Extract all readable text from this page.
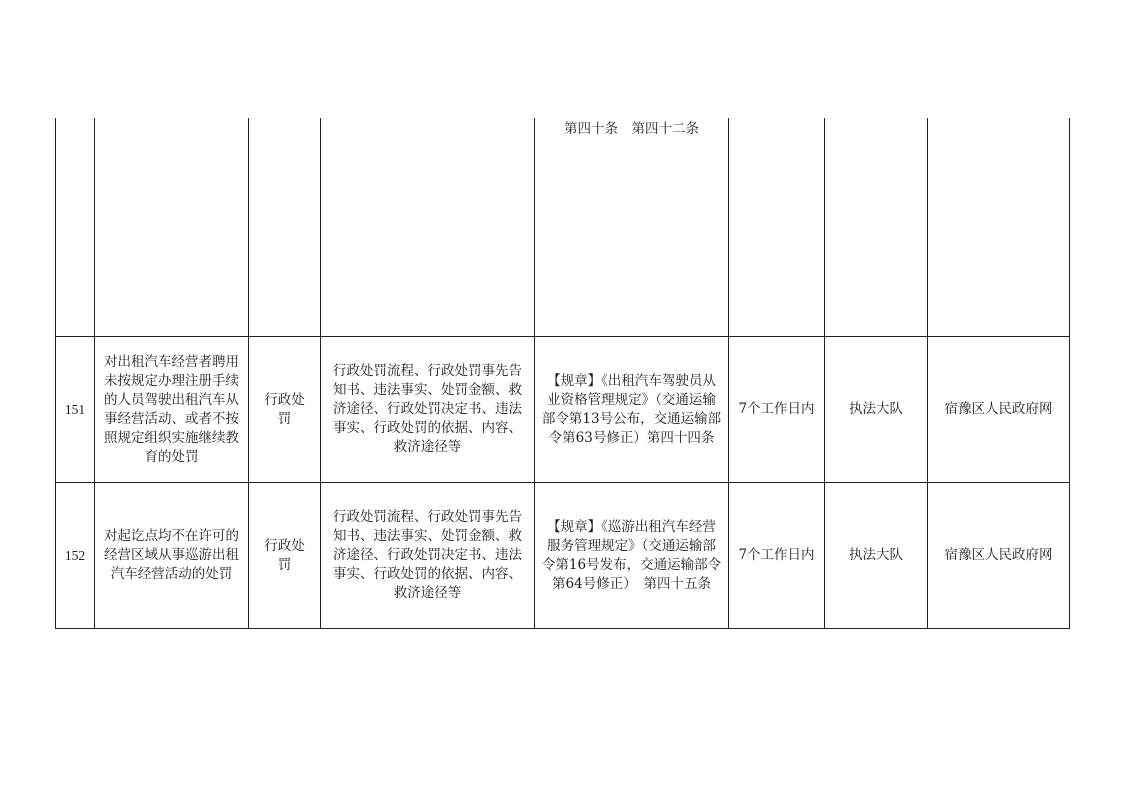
				第四十条　第四十二条			
151	对出租汽车经营者聘用未按规定办理注册手续的人员驾驶出租汽车从事经营活动、或者不按照规定组织实施继续教育的处罚	行政处罚	行政处罚流程、行政处罚事先告知书、违法事实、处罚金额、救济途径、行政处罚决定书、违法事实、行政处罚的依据、内容、救济途径等	【规章】《出租汽车驾驶员从业资格管理规定》（交通运输部令第13号公布，交通运输部令第63号修正）第四十四条	7个工作日内	执法大队	宿豫区人民政府网
152	对起讫点均不在许可的经营区域从事巡游出租汽车经营活动的处罚	行政处罚	行政处罚流程、行政处罚事先告知书、违法事实、处罚金额、救济途径、行政处罚决定书、违法事实、行政处罚的依据、内容、救济途径等	【规章】《巡游出租汽车经营服务管理规定》（交通运输部令第16号发布，交通运输部令第64号修正）　第四十五条	7个工作日内	执法大队	宿豫区人民政府网
